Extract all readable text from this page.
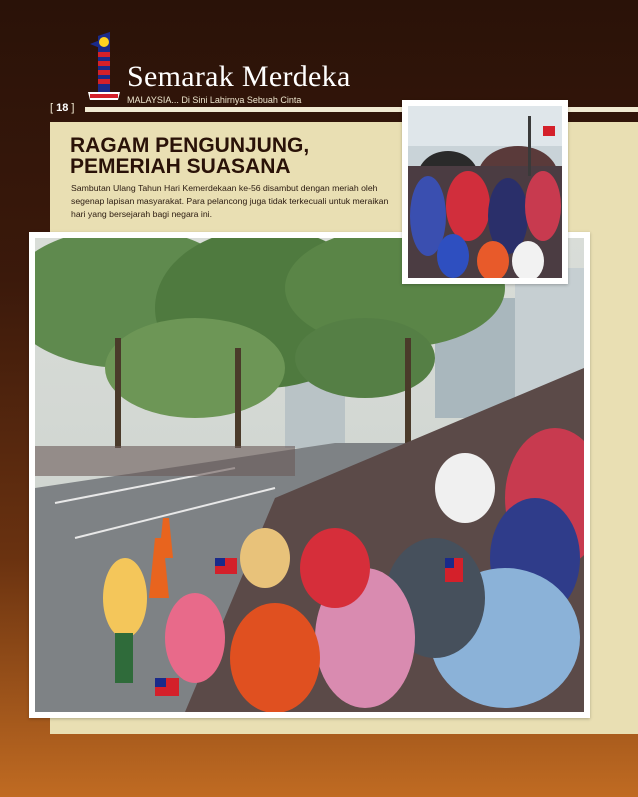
Semarak Merdeka
MALAYSIA... Di Sini Lahirnya Sebuah Cinta
[ 18 ]
RAGAM PENGUNJUNG,
PEMERIAH SUASANA
Sambutan Ulang Tahun Hari Kemerdekaan ke-56 disambut dengan meriah oleh segenap lapisan masyarakat. Para pelancong juga tidak terkecuali untuk meraikan hari yang bersejarah bagi negara ini.
